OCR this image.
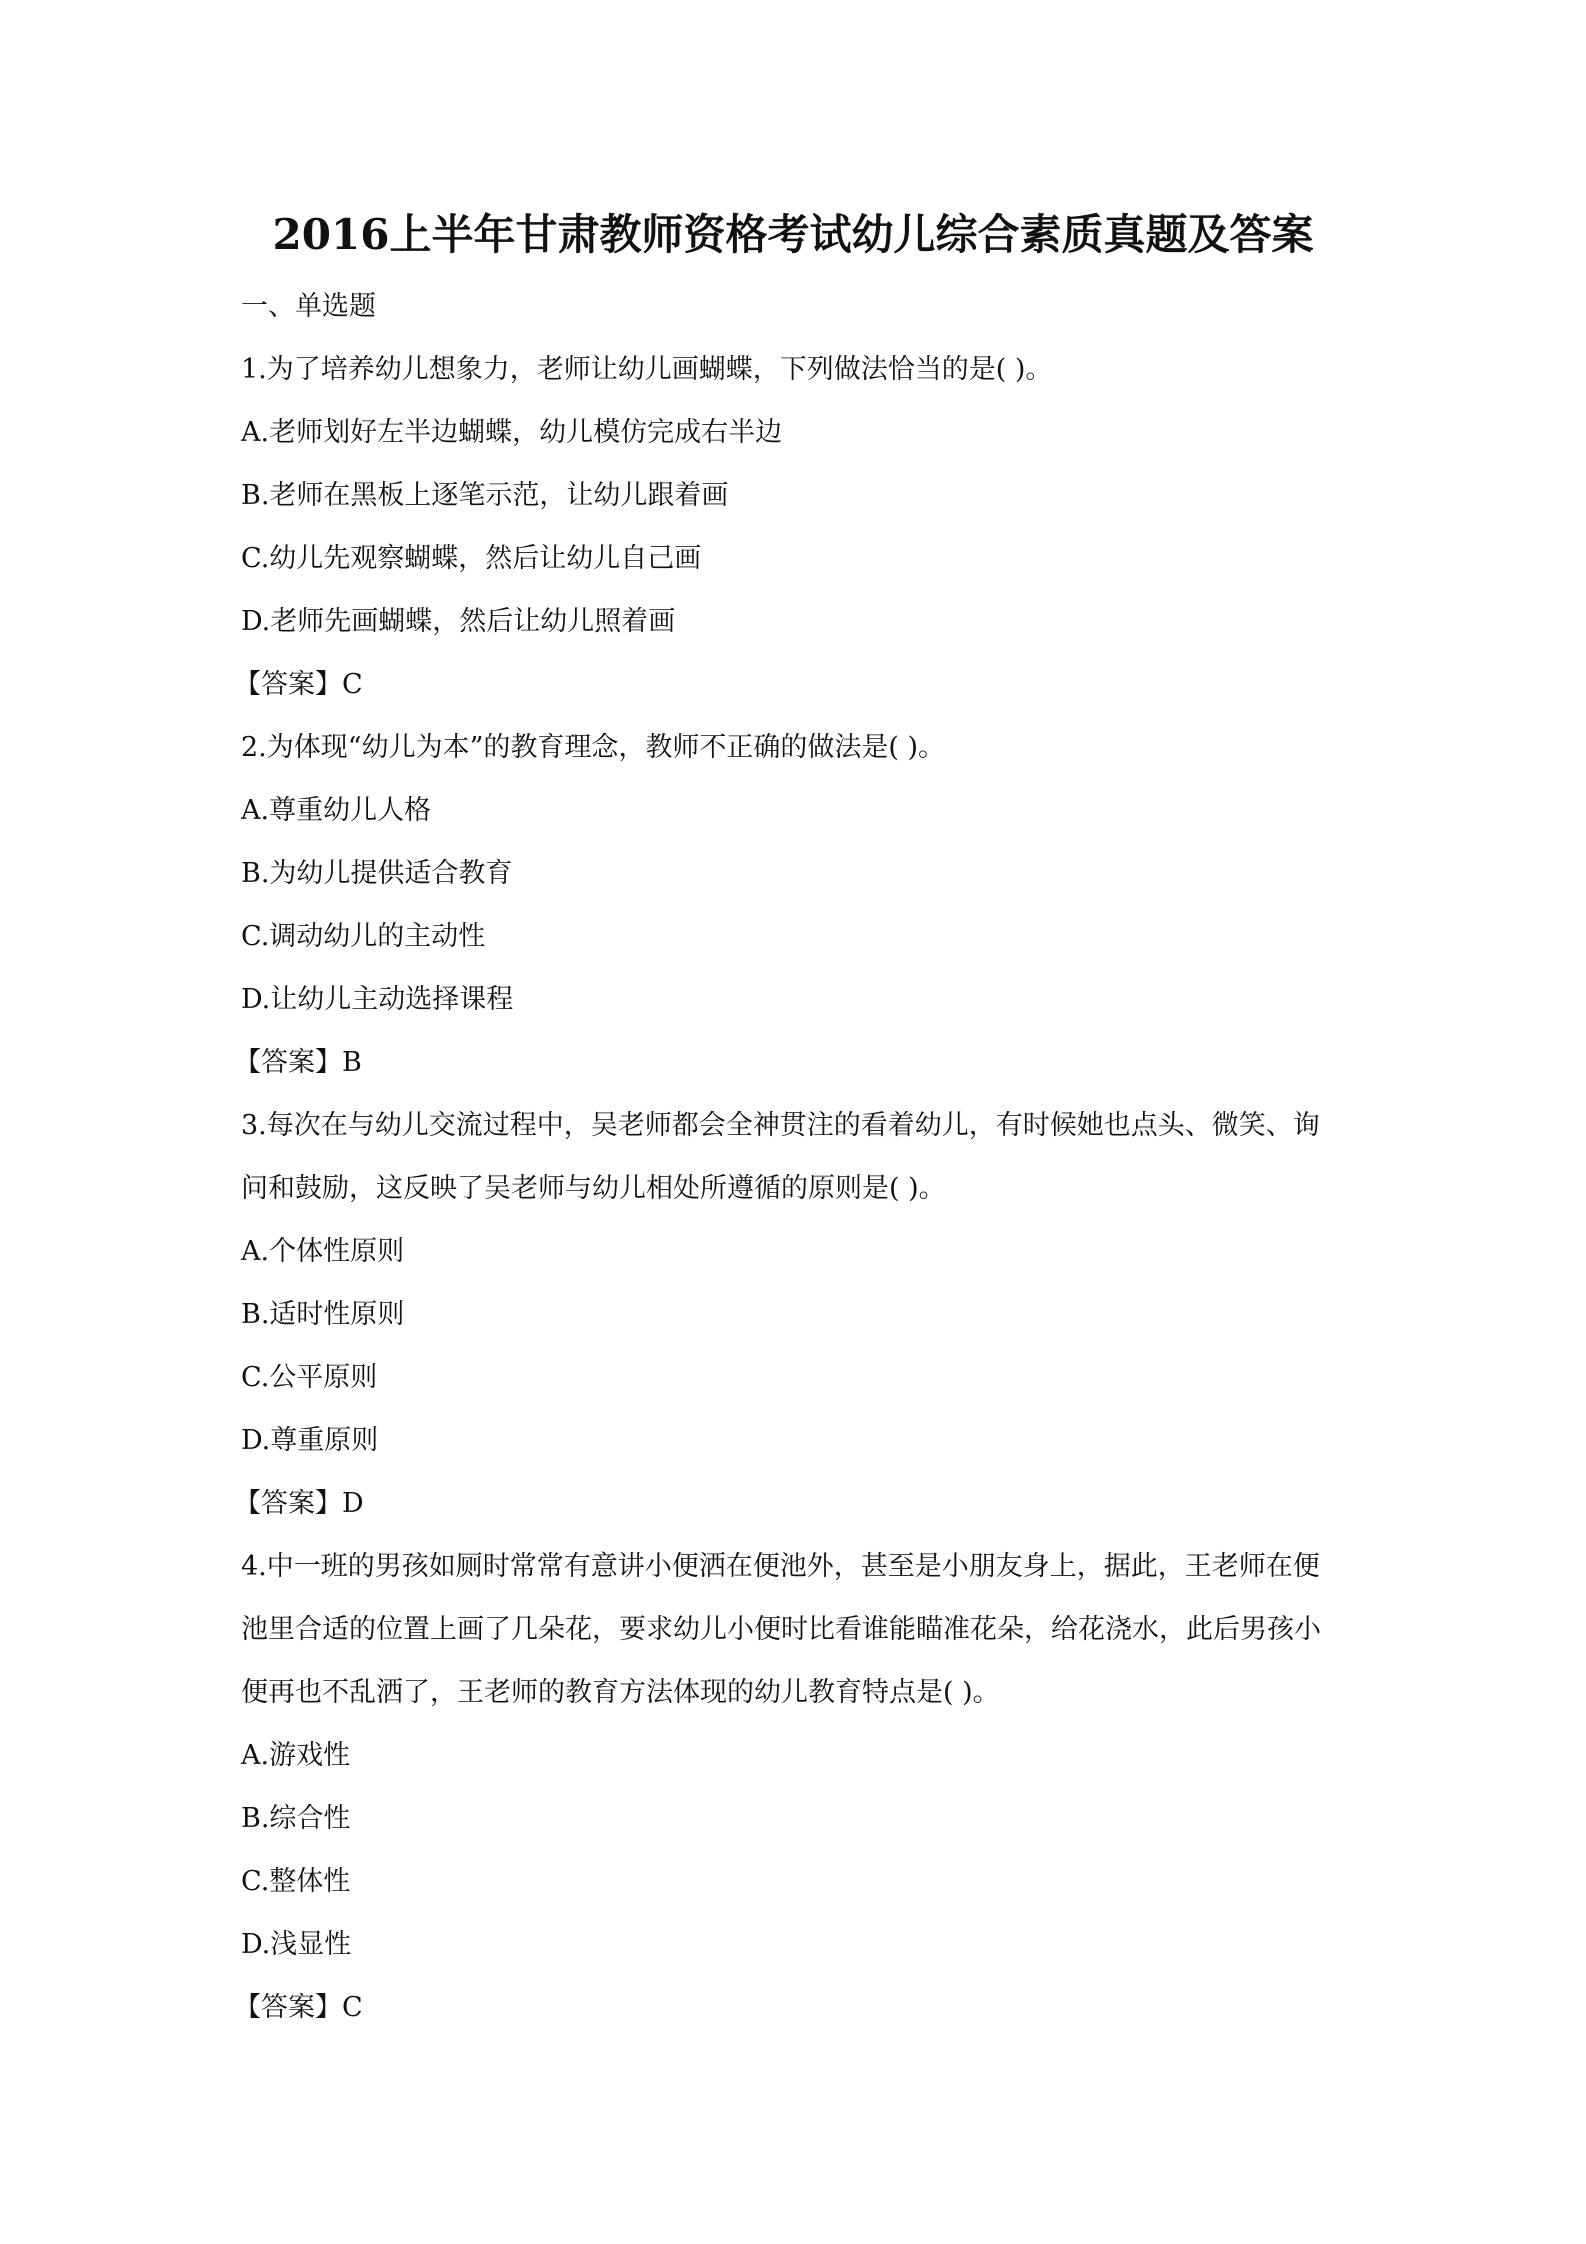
2016上半年甘肃教师资格考试幼儿综合素质真题及答案
一、单选题
1.为了培养幼儿想象力，老师让幼儿画蝴蝶，下列做法恰当的是( )。
A.老师划好左半边蝴蝶，幼儿模仿完成右半边
B.老师在黑板上逐笔示范，让幼儿跟着画
C.幼儿先观察蝴蝶，然后让幼儿自己画
D.老师先画蝴蝶，然后让幼儿照着画
【答案】C
2.为体现“幼儿为本”的教育理念，教师不正确的做法是( )。
A.尊重幼儿人格
B.为幼儿提供适合教育
C.调动幼儿的主动性
D.让幼儿主动选择课程
【答案】B
3.每次在与幼儿交流过程中，吴老师都会全神贯注的看着幼儿，有时候她也点头、微笑、询
问和鼓励，这反映了吴老师与幼儿相处所遵循的原则是( )。
A.个体性原则
B.适时性原则
C.公平原则
D.尊重原则
【答案】D
4.中一班的男孩如厕时常常有意讲小便洒在便池外，甚至是小朋友身上，据此，王老师在便
池里合适的位置上画了几朵花，要求幼儿小便时比看谁能瞄准花朵，给花浇水，此后男孩小
便再也不乱洒了，王老师的教育方法体现的幼儿教育特点是( )。
A.游戏性
B.综合性
C.整体性
D.浅显性
【答案】C
